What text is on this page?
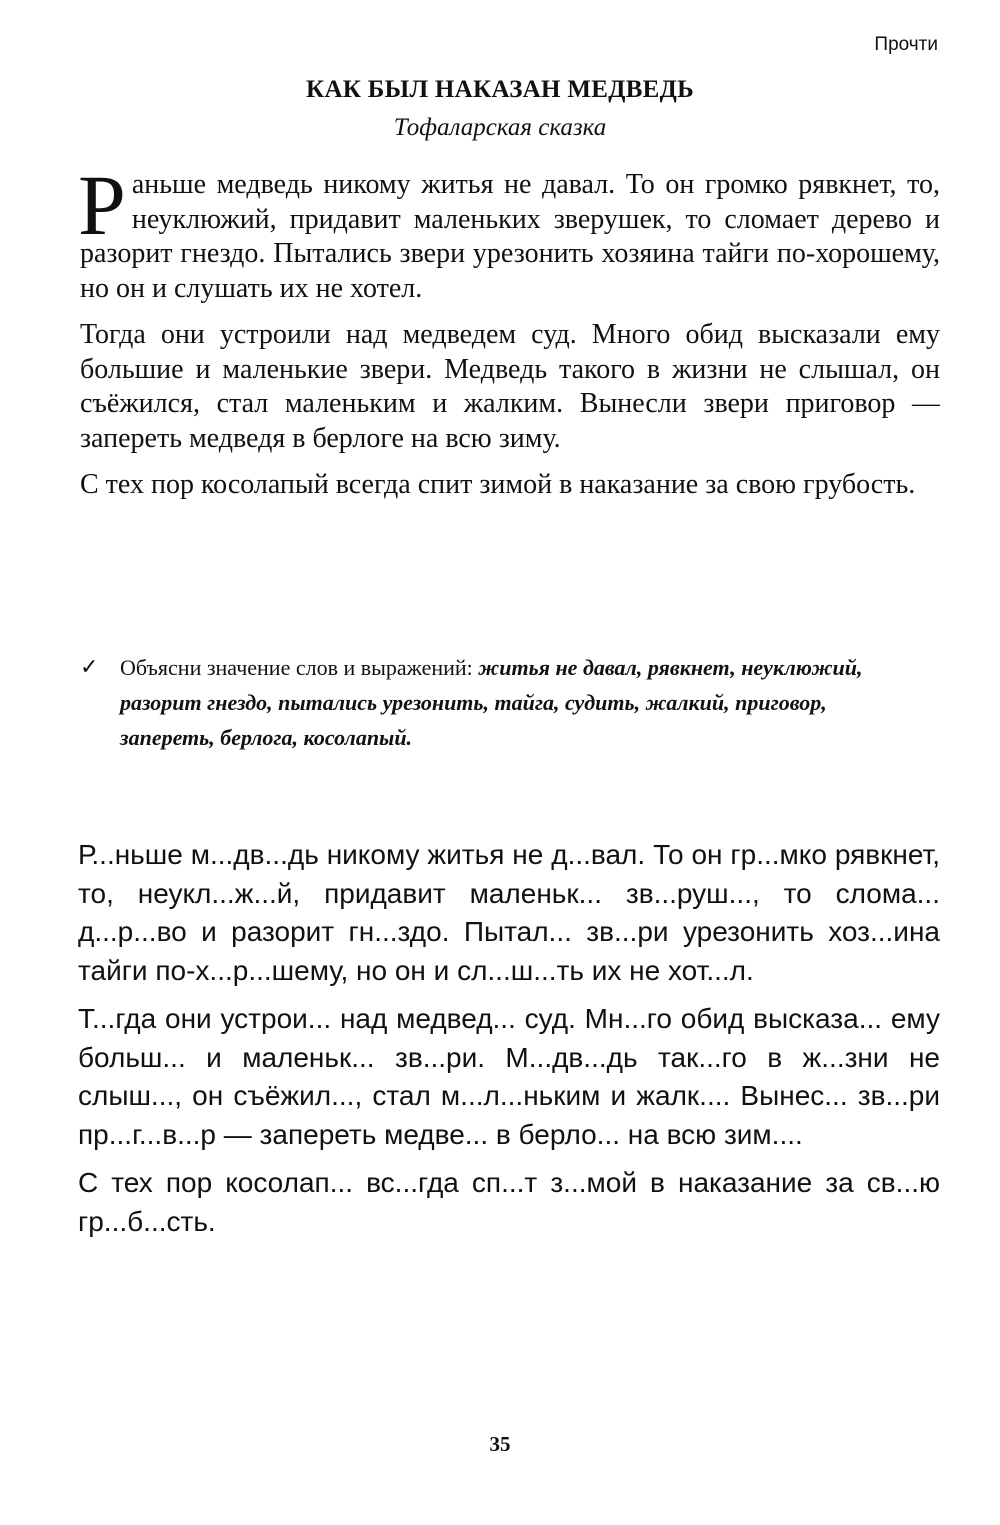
Прочти
КАК БЫЛ НАКАЗАН МЕДВЕДЬ
Тофаларская сказка

Раньше медведь никому житья не давал. То он громко рявкнет, то, неуклюжий, придавит маленьких зверушек, то сломает дерево и разорит гнездо. Пытались звери урезонить хозяина тайги по-хорошему, но он и слушать их не хотел.

Тогда они устроили над медведем суд. Много обид высказали ему большие и маленькие звери. Медведь такого в жизни не слышал, он съёжился, стал маленьким и жалким. Вынесли звери приговор — запереть медведя в берлоге на всю зиму.

С тех пор косолапый всегда спит зимой в наказание за свою грубость.

✓ Объясни значение слов и выражений: житья не давал, рявкнет, неуклюжий, разорит гнездо, пытались урезонить, тайга, судить, жалкий, приговор, запереть, берлога, косолапый.

Р...ньше м...дв...дь никому житья не д...вал. То он гр...мко рявкнет, то, неукл...ж...й, придавит маленьк... зв...руш..., то слома... д...р...во и разорит гн...здо. Пытал... зв...ри урезонить хоз...ина тайги по-х...р...шему, но он и сл...ш...ть их не хот...л.

Т...гда они устрои... над медвед... суд. Мн...го обид высказа... ему больш... и маленьк... зв...ри. М...дв...дь так...го в ж...зни не слыш..., он съёжил..., стал м...л...ньким и жалк.... Вынес... зв...ри пр...г...в...р — запереть медве... в берло... на всю зим....

С тех пор косолап... вс...гда сп...т з...мой в наказание за св...ю гр...б...сть.

35
